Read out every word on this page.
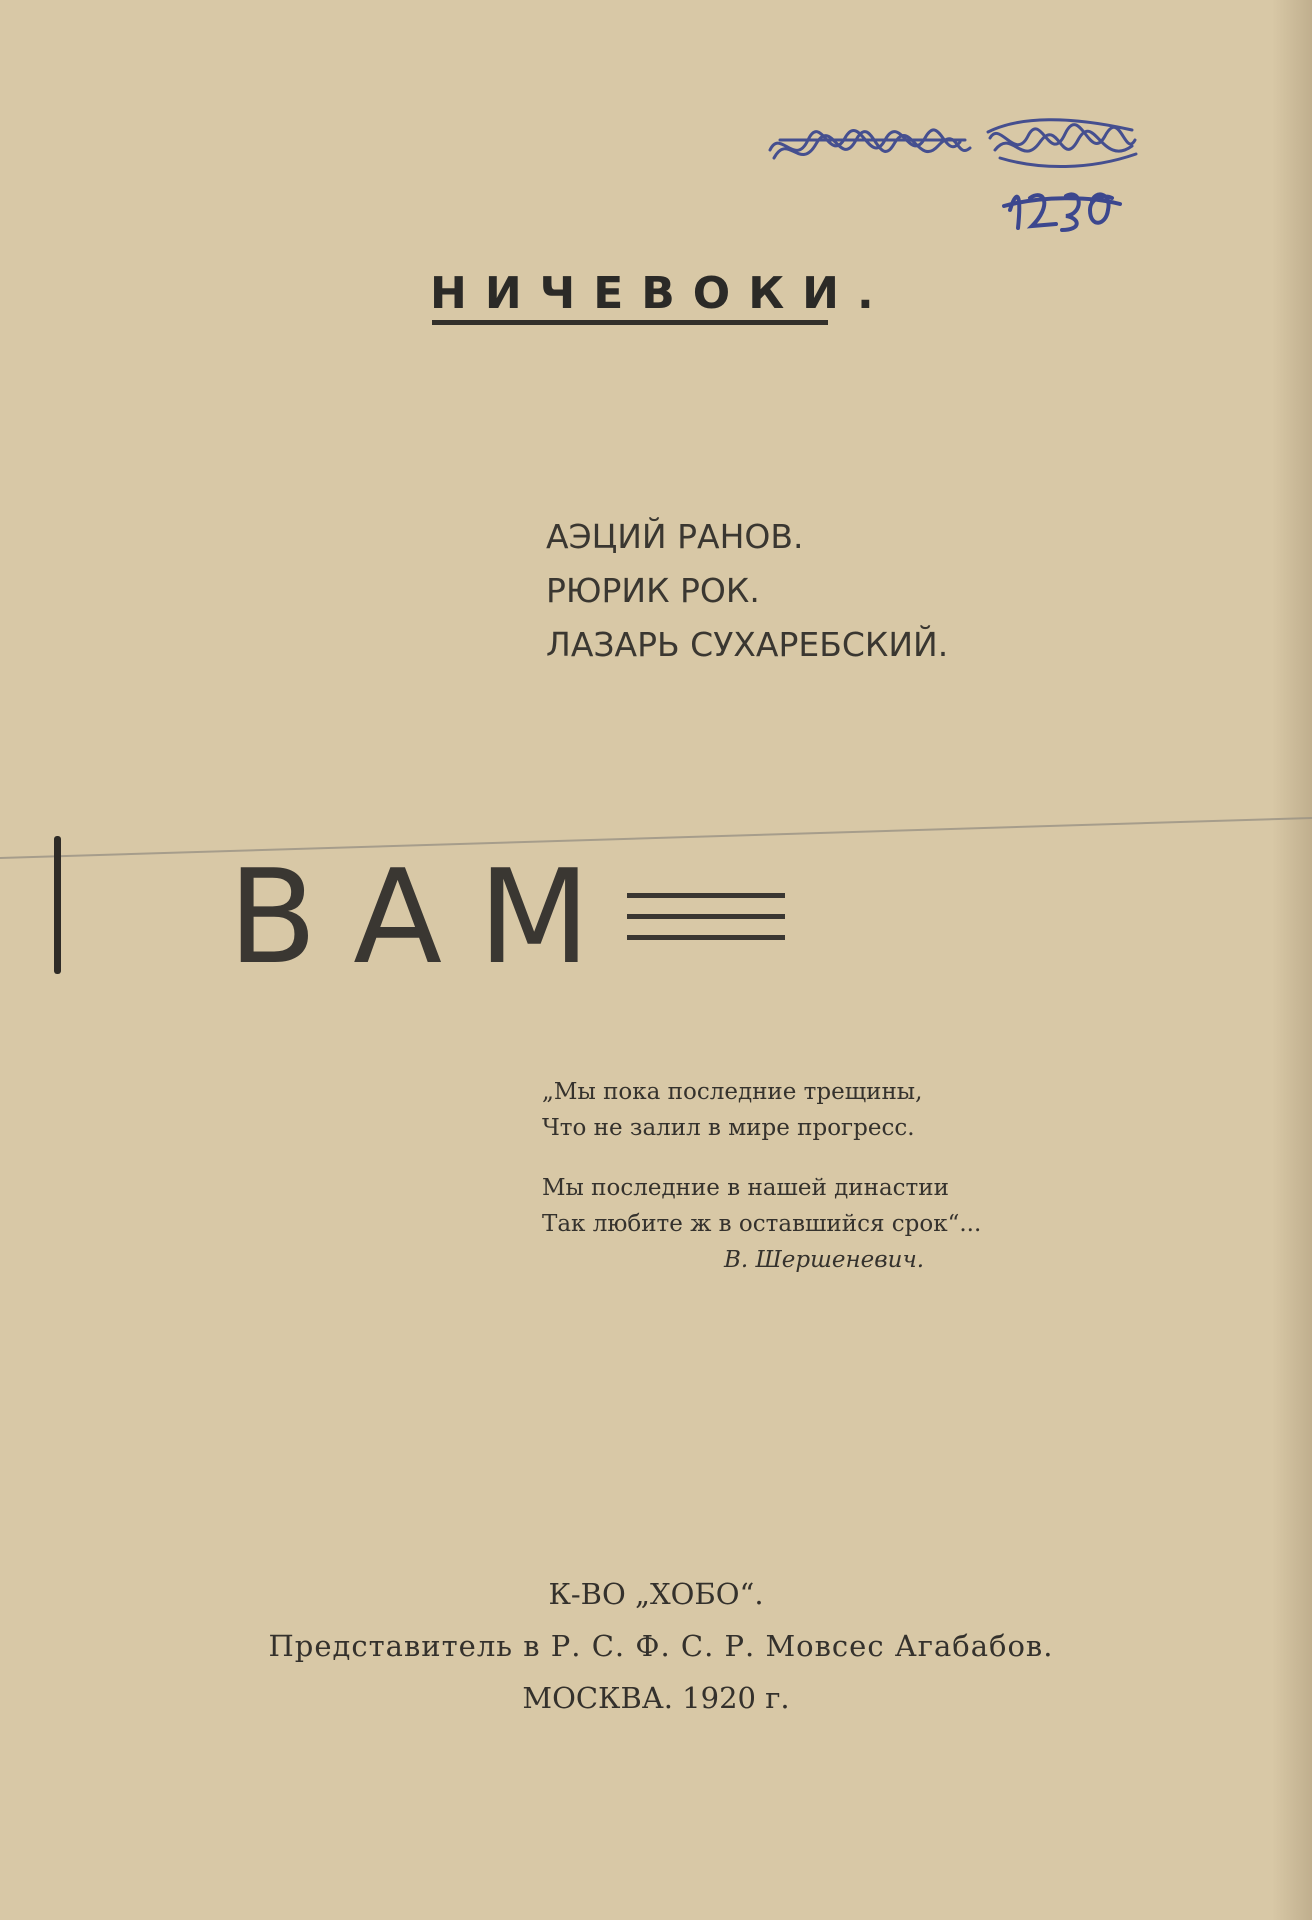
НИЧЕВОКИ.
АЭЦИЙ РАНОВ.
РЮРИК РОК.
ЛАЗАРЬ СУХАРЕБСКИЙ.
ВАМ
„Мы пока последние трещины,
Что не залил в мире прогресс.
Мы последние в нашей династии
Так любите ж в оставшийся срок“...
В. Шершеневич.
К-ВО „ХОБО“.
Представитель в Р. С. Ф. С. Р. Мовсес Агабабов.
МОСКВА. 1920 г.
